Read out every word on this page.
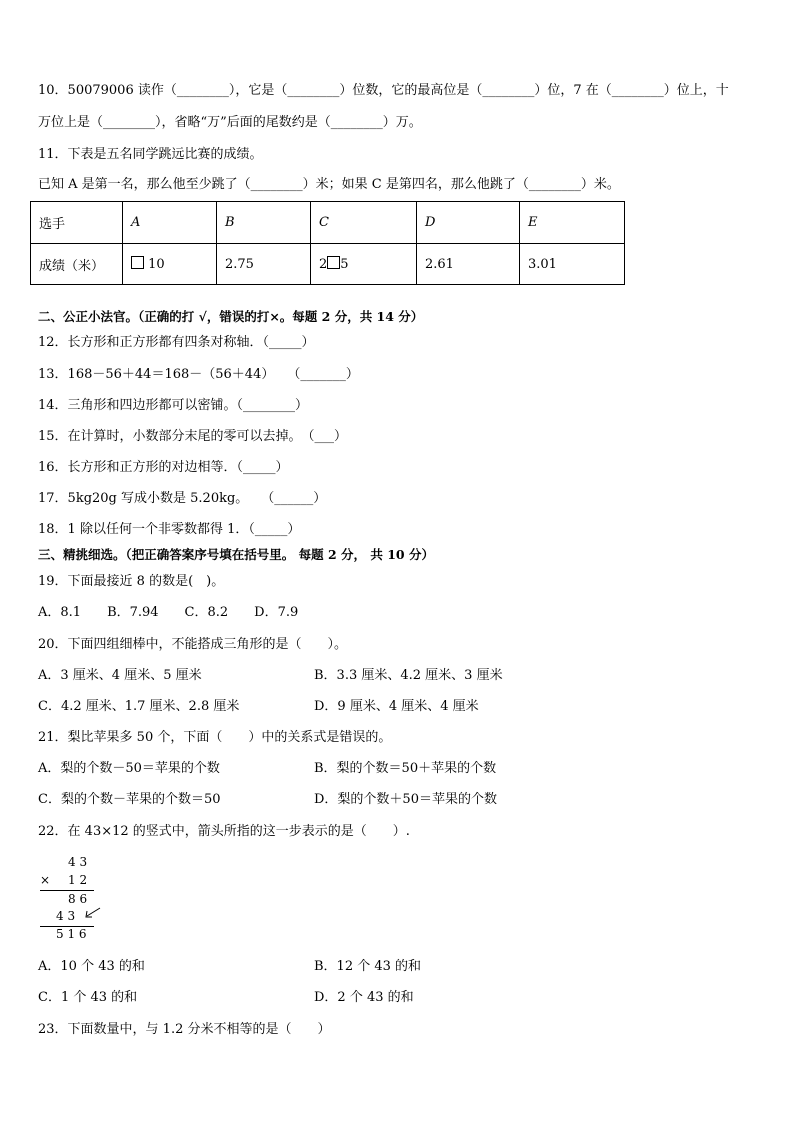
10．50079006 读作（________），它是（________）位数，它的最高位是（________）位，7 在（________）位上，十
万位上是（________），省略“万”后面的尾数约是（________）万。
11．下表是五名同学跳远比赛的成绩。
已知 A 是第一名，那么他至少跳了（________）米；如果 C 是第四名，那么他跳了（________）米。
选手	A	B	C	D	E
成绩（米）	10	2.75	2 5	2.61	3.01
二、公正小法官。（正确的打 √，错误的打×。每题 2 分，共 14 分）
12．长方形和正方形都有四条对称轴．（_____）
13．168－56＋44＝168－（56＋44）　　（_______）
14．三角形和四边形都可以密铺。（________）
15．在计算时，小数部分末尾的零可以去掉。　（___）
16．长方形和正方形的对边相等．（_____）
17．5kg20g 写成小数是 5.20kg。　　（______）
18．1 除以任何一个非零数都得 1．（_____）
三、精挑细选。（把正确答案序号填在括号里。 每题 2 分， 共 10 分）
19．下面最接近 8 的数是(　)。
A．8.1　　B．7.94　　C．8.2　　D．7.9
20．下面四组细棒中，不能搭成三角形的是（　　）。
A．3 厘米、4 厘米、5 厘米	B．3.3 厘米、4.2 厘米、3 厘米
C．4.2 厘米、1.7 厘米、2.8 厘米	D．9 厘米、4 厘米、4 厘米
21．梨比苹果多 50 个，下面（　　）中的关系式是错误的。
A．梨的个数－50＝苹果的个数	B．梨的个数＝50＋苹果的个数
C．梨的个数－苹果的个数＝50	D．梨的个数＋50＝苹果的个数
22．在 43×12 的竖式中，箭头所指的这一步表示的是（　　）.
4 3
× 1 2
8 6
4 3
5 1 6
A．10 个 43 的和	B．12 个 43 的和
C．1 个 43 的和	D．2 个 43 的和
23．下面数量中，与 1.2 分米不相等的是（　　）
